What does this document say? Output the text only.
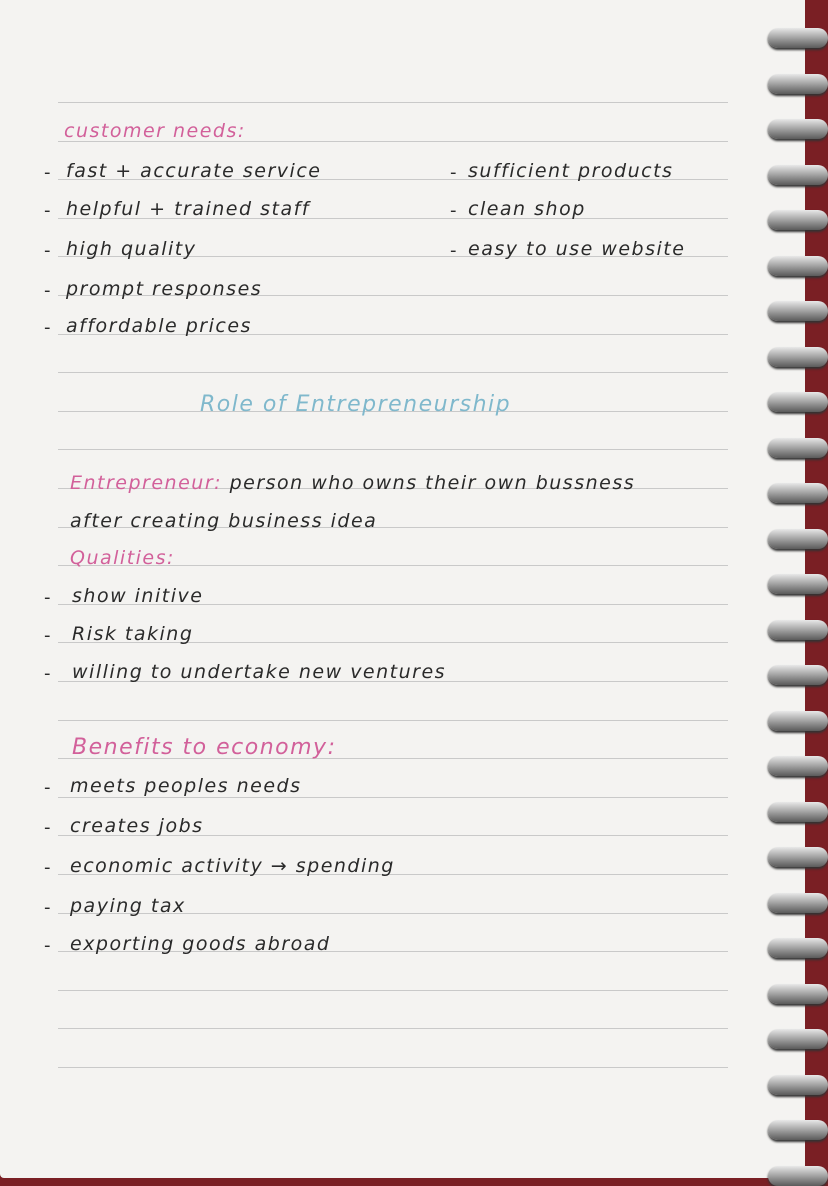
customer needs:
- fast + accurate service
- helpful + trained staff
- high quality
- prompt responses
- affordable prices
- sufficient products
- clean shop
- easy to use website
Role of Entrepreneurship
Entrepreneur: person who owns their own bussness
after creating business idea
Qualities:
- show initive
- Risk taking
- willing to undertake new ventures
Benefits to economy:
- meets peoples needs
- creates jobs
- economic activity → spending
- paying tax
- exporting goods abroad
